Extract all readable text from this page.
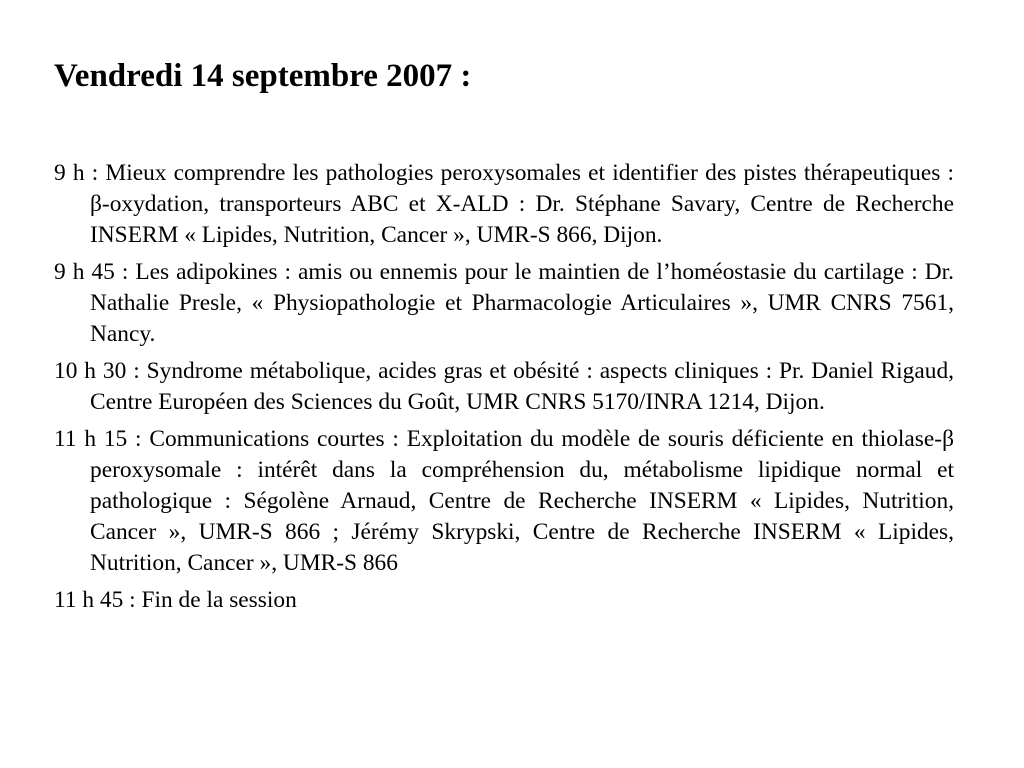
Vendredi 14 septembre 2007 :
9 h : Mieux comprendre les pathologies peroxysomales et identifier des pistes thérapeutiques : β-oxydation, transporteurs ABC et X-ALD : Dr. Stéphane Savary, Centre de Recherche INSERM « Lipides, Nutrition, Cancer », UMR-S 866, Dijon.
9 h 45 : Les adipokines : amis ou ennemis pour le maintien de l’homéostasie du cartilage : Dr. Nathalie Presle, « Physiopathologie et Pharmacologie Articulaires », UMR CNRS 7561, Nancy.
10 h 30 : Syndrome métabolique, acides gras et obésité : aspects cliniques : Pr. Daniel Rigaud, Centre Européen des Sciences du Goût, UMR CNRS 5170/INRA 1214, Dijon.
11 h 15 : Communications courtes : Exploitation du modèle de souris déficiente en thiolase-β peroxysomale : intérêt dans la compréhension du, métabolisme lipidique normal et pathologique : Ségolène Arnaud, Centre de Recherche INSERM « Lipides, Nutrition, Cancer », UMR-S 866 ; Jérémy Skrypski, Centre de Recherche INSERM « Lipides, Nutrition, Cancer », UMR-S 866
11 h 45 : Fin de la session
